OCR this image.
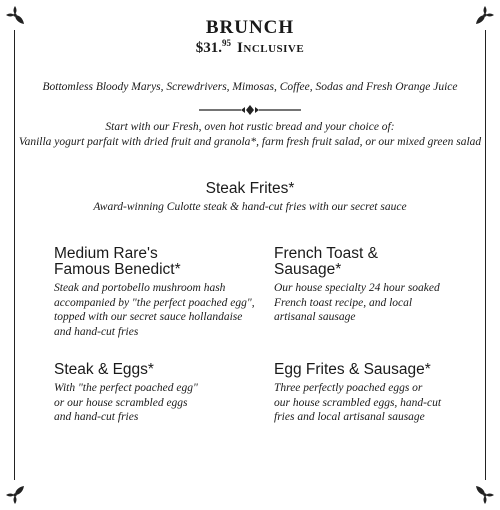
BRUNCH
$31.95 Inclusive
Bottomless Bloody Marys, Screwdrivers, Mimosas, Coffee, Sodas and Fresh Orange Juice
Start with our Fresh, oven hot rustic bread and your choice of:
Vanilla yogurt parfait with dried fruit and granola*, farm fresh fruit salad, or our mixed green salad
Steak Frites*
Award-winning Culotte steak & hand-cut fries with our secret sauce
Medium Rare's
Famous Benedict*
Steak and portobello mushroom hash
accompanied by "the perfect poached egg",
topped with our secret sauce hollandaise
and hand-cut fries
French Toast &
Sausage*
Our house specialty 24 hour soaked
French toast recipe, and local
artisanal sausage
Steak & Eggs*
With "the perfect poached egg"
or our house scrambled eggs
and hand-cut fries
Egg Frites & Sausage*
Three perfectly poached eggs or
our house scrambled eggs, hand-cut
fries and local artisanal sausage
